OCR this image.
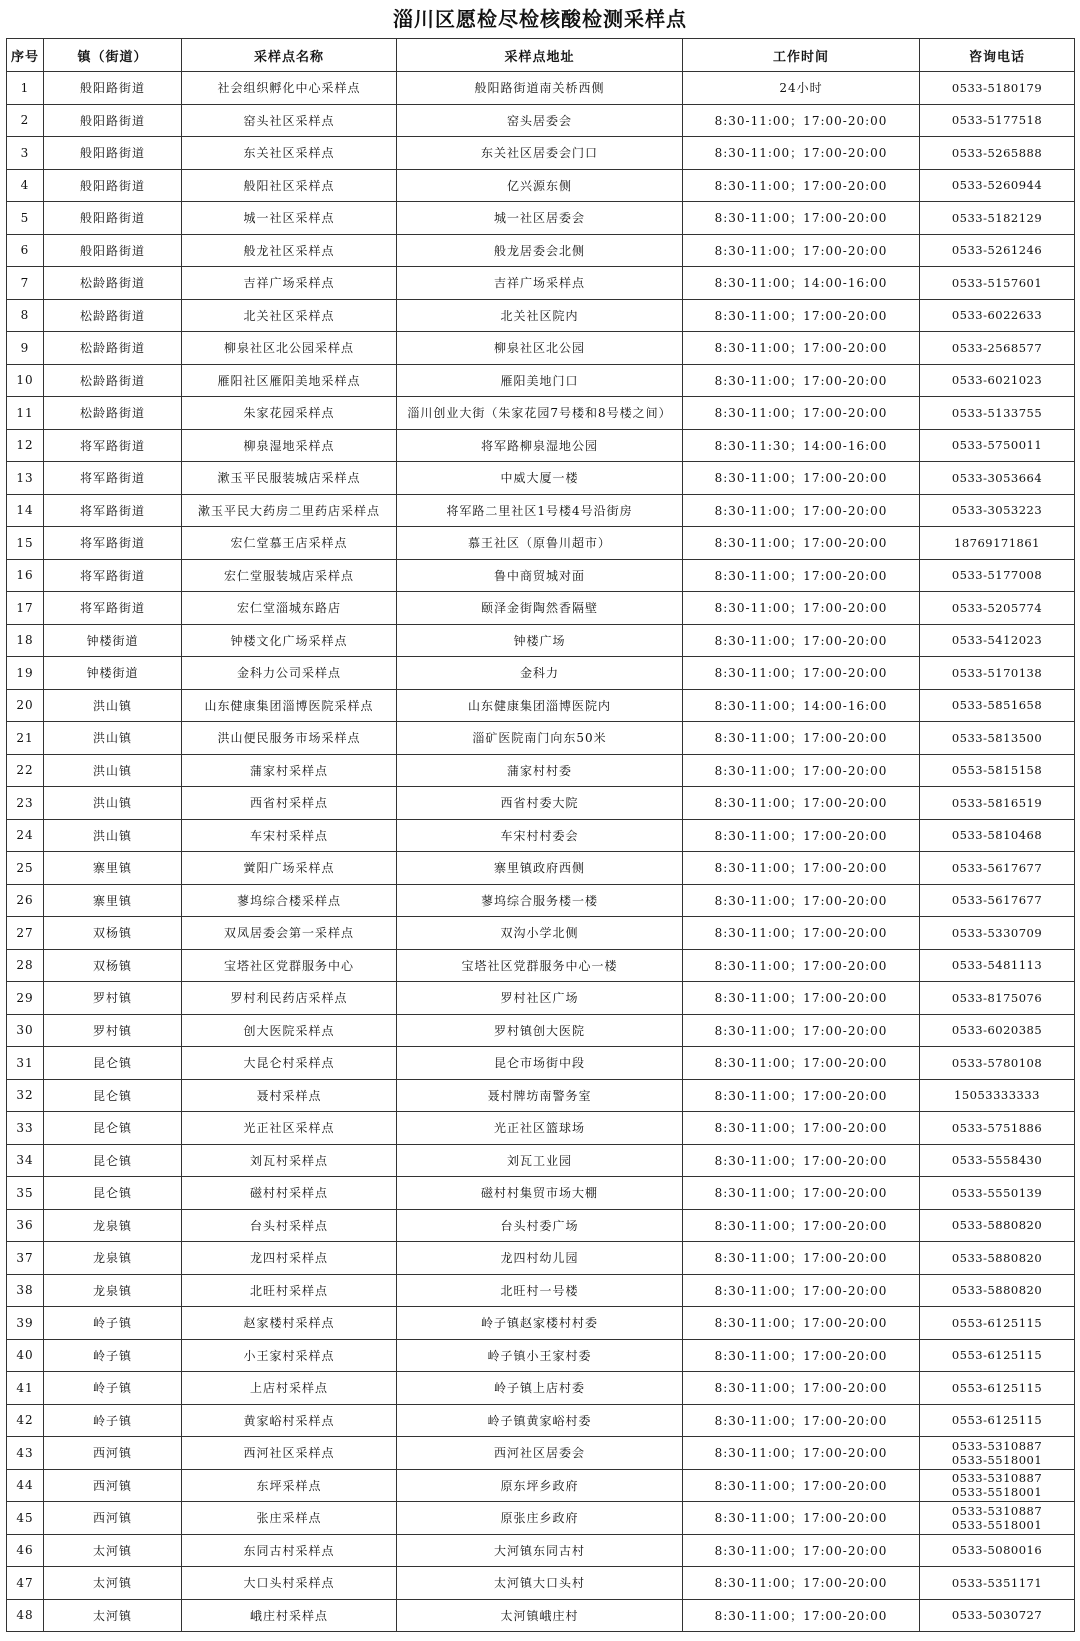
淄川区愿检尽检核酸检测采样点
序号	镇（街道）	采样点名称	采样点地址	工作时间	咨询电话
1	般阳路街道	社会组织孵化中心采样点	般阳路街道南关桥西侧	24小时	0533-5180179

2	般阳路街道	窑头社区采样点	窑头居委会	8:30-11:00；17:00-20:00	0533-5177518

3	般阳路街道	东关社区采样点	东关社区居委会门口	8:30-11:00；17:00-20:00	0533-5265888

4	般阳路街道	般阳社区采样点	亿兴源东侧	8:30-11:00；17:00-20:00	0533-5260944

5	般阳路街道	城一社区采样点	城一社区居委会	8:30-11:00；17:00-20:00	0533-5182129

6	般阳路街道	般龙社区采样点	般龙居委会北侧	8:30-11:00；17:00-20:00	0533-5261246

7	松龄路街道	吉祥广场采样点	吉祥广场采样点	8:30-11:00；14:00-16:00	0533-5157601

8	松龄路街道	北关社区采样点	北关社区院内	8:30-11:00；17:00-20:00	0533-6022633

9	松龄路街道	柳泉社区北公园采样点	柳泉社区北公园	8:30-11:00；17:00-20:00	0533-2568577

10	松龄路街道	雁阳社区雁阳美地采样点	雁阳美地门口	8:30-11:00；17:00-20:00	0533-6021023

11	松龄路街道	朱家花园采样点	淄川创业大街（朱家花园7号楼和8号楼之间）	8:30-11:00；17:00-20:00	0533-5133755

12	将军路街道	柳泉湿地采样点	将军路柳泉湿地公园	8:30-11:30；14:00-16:00	0533-5750011

13	将军路街道	漱玉平民服装城店采样点	中威大厦一楼	8:30-11:00；17:00-20:00	0533-3053664

14	将军路街道	漱玉平民大药房二里药店采样点	将军路二里社区1号楼4号沿街房	8:30-11:00；17:00-20:00	0533-3053223

15	将军路街道	宏仁堂慕王店采样点	慕王社区（原鲁川超市）	8:30-11:00；17:00-20:00	18769171861

16	将军路街道	宏仁堂服装城店采样点	鲁中商贸城对面	8:30-11:00；17:00-20:00	0533-5177008

17	将军路街道	宏仁堂淄城东路店	颐泽金街陶然香隔壁	8:30-11:00；17:00-20:00	0533-5205774

18	钟楼街道	钟楼文化广场采样点	钟楼广场	8:30-11:00；17:00-20:00	0533-5412023

19	钟楼街道	金科力公司采样点	金科力	8:30-11:00；17:00-20:00	0533-5170138

20	洪山镇	山东健康集团淄博医院采样点	山东健康集团淄博医院内	8:30-11:00；14:00-16:00	0533-5851658

21	洪山镇	洪山便民服务市场采样点	淄矿医院南门向东50米	8:30-11:00；17:00-20:00	0533-5813500

22	洪山镇	蒲家村采样点	蒲家村村委	8:30-11:00；17:00-20:00	0553-5815158

23	洪山镇	西省村采样点	西省村委大院	8:30-11:00；17:00-20:00	0533-5816519

24	洪山镇	车宋村采样点	车宋村村委会	8:30-11:00；17:00-20:00	0533-5810468

25	寨里镇	黉阳广场采样点	寨里镇政府西侧	8:30-11:00；17:00-20:00	0533-5617677

26	寨里镇	蓼坞综合楼采样点	蓼坞综合服务楼一楼	8:30-11:00；17:00-20:00	0533-5617677

27	双杨镇	双凤居委会第一采样点	双沟小学北侧	8:30-11:00；17:00-20:00	0533-5330709

28	双杨镇	宝塔社区党群服务中心	宝塔社区党群服务中心一楼	8:30-11:00；17:00-20:00	0533-5481113

29	罗村镇	罗村利民药店采样点	罗村社区广场	8:30-11:00；17:00-20:00	0533-8175076

30	罗村镇	创大医院采样点	罗村镇创大医院	8:30-11:00；17:00-20:00	0533-6020385

31	昆仑镇	大昆仑村采样点	昆仑市场街中段	8:30-11:00；17:00-20:00	0533-5780108

32	昆仑镇	聂村采样点	聂村牌坊南警务室	8:30-11:00；17:00-20:00	15053333333

33	昆仑镇	光正社区采样点	光正社区篮球场	8:30-11:00；17:00-20:00	0533-5751886

34	昆仑镇	刘瓦村采样点	刘瓦工业园	8:30-11:00；17:00-20:00	0533-5558430

35	昆仑镇	磁村村采样点	磁村村集贸市场大棚	8:30-11:00；17:00-20:00	0533-5550139

36	龙泉镇	台头村采样点	台头村委广场	8:30-11:00；17:00-20:00	0533-5880820

37	龙泉镇	龙四村采样点	龙四村幼儿园	8:30-11:00；17:00-20:00	0533-5880820

38	龙泉镇	北旺村采样点	北旺村一号楼	8:30-11:00；17:00-20:00	0533-5880820

39	岭子镇	赵家楼村采样点	岭子镇赵家楼村村委	8:30-11:00；17:00-20:00	0553-6125115

40	岭子镇	小王家村采样点	岭子镇小王家村委	8:30-11:00；17:00-20:00	0553-6125115

41	岭子镇	上店村采样点	岭子镇上店村委	8:30-11:00；17:00-20:00	0553-6125115

42	岭子镇	黄家峪村采样点	岭子镇黄家峪村委	8:30-11:00；17:00-20:00	0553-6125115

43	西河镇	西河社区采样点	西河社区居委会	8:30-11:00；17:00-20:00	0533-5310887
0533-5518001

44	西河镇	东坪采样点	原东坪乡政府	8:30-11:00；17:00-20:00	0533-5310887
0533-5518001

45	西河镇	张庄采样点	原张庄乡政府	8:30-11:00；17:00-20:00	0533-5310887
0533-5518001

46	太河镇	东同古村采样点	大河镇东同古村	8:30-11:00；17:00-20:00	0533-5080016

47	太河镇	大口头村采样点	太河镇大口头村	8:30-11:00；17:00-20:00	0533-5351171

48	太河镇	峨庄村采样点	太河镇峨庄村	8:30-11:00；17:00-20:00	0533-5030727
